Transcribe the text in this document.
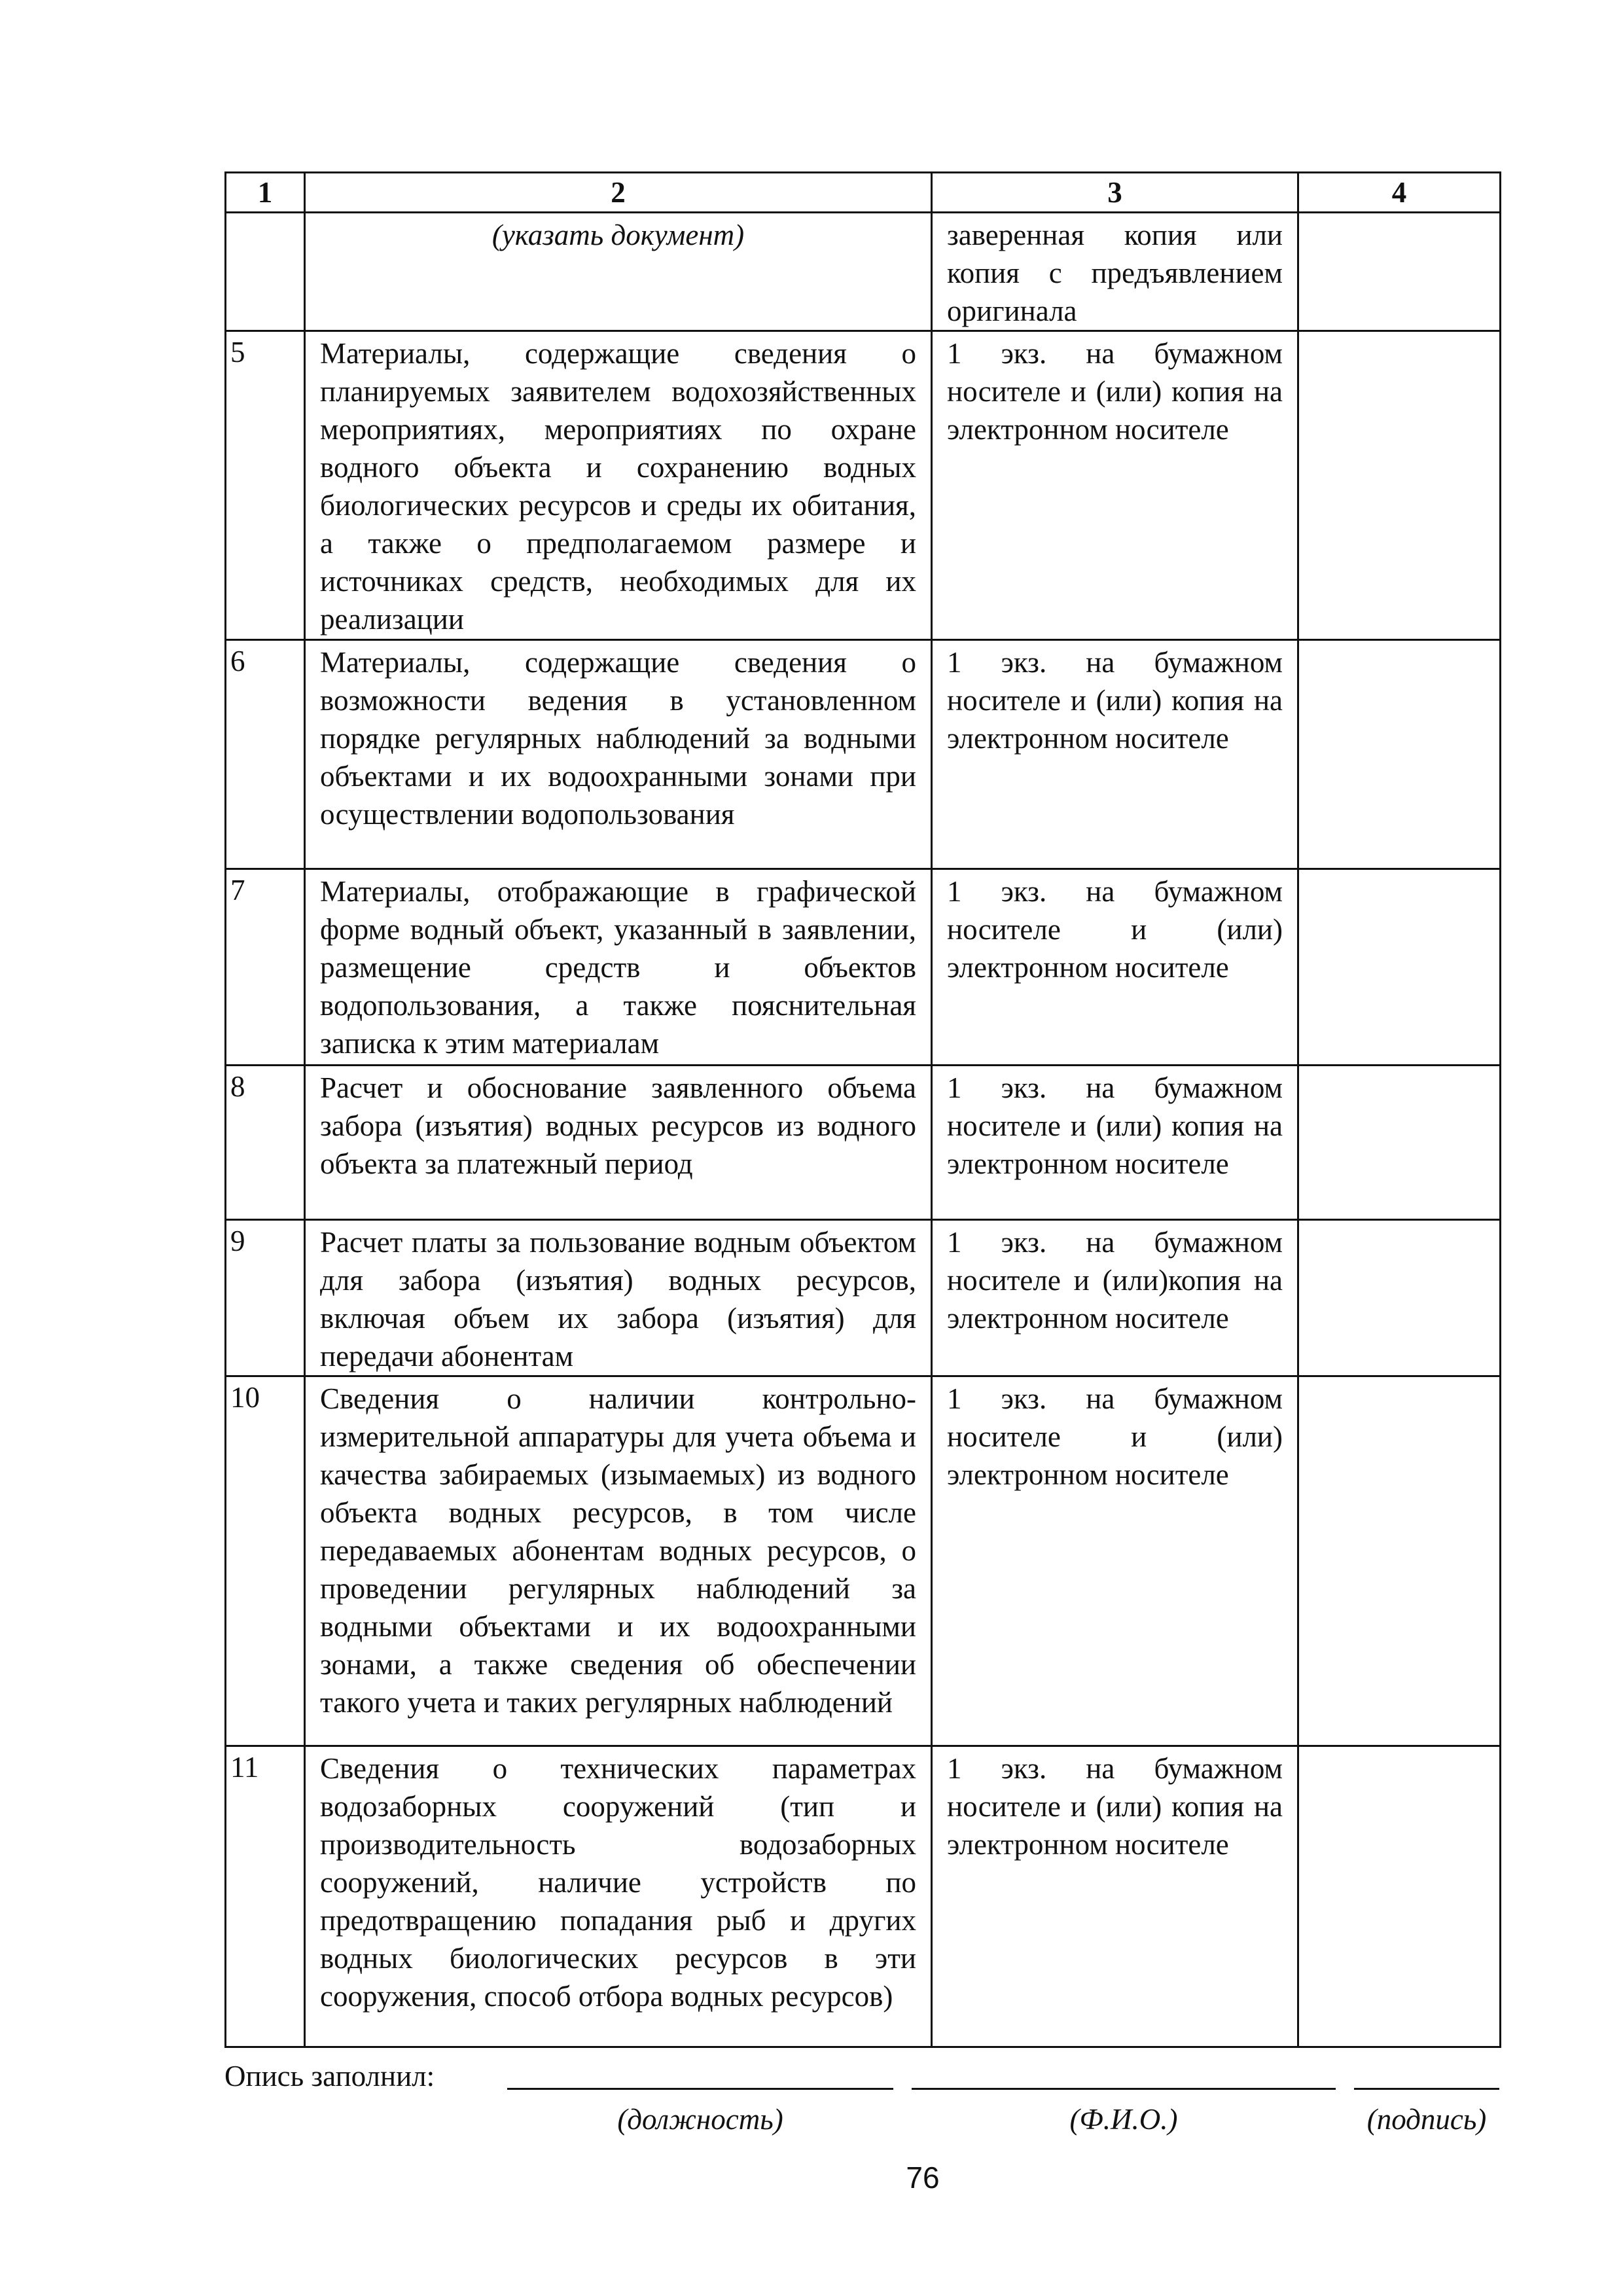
1	2	3	4
	(указать документ)	заверенная копия или копия с предъявлением оригинала	
5	Материалы, содержащие сведения о планируемых заявителем водохозяйственных мероприятиях, мероприятиях по охране водного объекта и сохранению водных биологических ресурсов и среды их обитания, а также о предполагаемом размере и источниках средств, необходимых для их реализации	1 экз. на бумажном носителе и (или) копия на электронном носителе	
6	Материалы, содержащие сведения о возможности ведения в установленном порядке регулярных наблюдений за водными объектами и их водоохранными зонами при осуществлении водопользования	1 экз. на бумажном носителе и (или) копия на электронном носителе	
7	Материалы, отображающие в графической форме водный объект, указанный в заявлении, размещение средств и объектов водопользования, а также пояснительная записка к этим материалам	1 экз. на бумажном носителе и (или) электронном носителе	
8	Расчет и обоснование заявленного объема забора (изъятия) водных ресурсов из водного объекта за платежный период	1 экз. на бумажном носителе и (или) копия на электронном носителе	
9	Расчет платы за пользование водным объектом для забора (изъятия) водных ресурсов, включая объем их забора (изъятия) для передачи абонентам	1 экз. на бумажном носителе и (или)копия на электронном носителе	
10	Сведения о наличии контрольно-измерительной аппаратуры для учета объема и качества забираемых (изымаемых) из водного объекта водных ресурсов, в том числе передаваемых абонентам водных ресурсов, о проведении регулярных наблюдений за водными объектами и их водоохранными зонами, а также сведения об обеспечении такого учета и таких регулярных наблюдений	1 экз. на бумажном носителе и (или) электронном носителе	
11	Сведения о технических параметрах водозаборных сооружений (тип и производительность водозаборных сооружений, наличие устройств по предотвращению попадания рыб и других водных биологических ресурсов в эти сооружения, способ отбора водных ресурсов)	1 экз. на бумажном носителе и (или) копия на электронном носителе	
Опись заполнил:
(должность)	(Ф.И.О.)	(подпись)
76
